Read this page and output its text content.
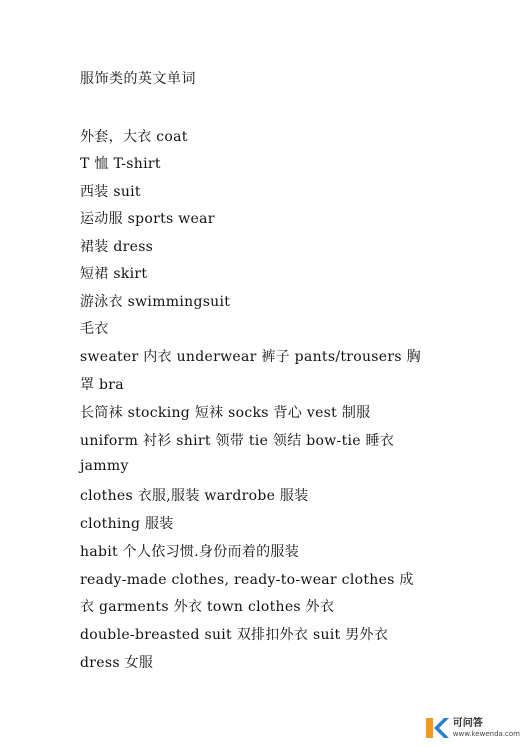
服饰类的英文单词
外套，大衣 coat
T 恤 T-shirt
西装 suit
运动服 sports wear
裙装 dress
短裙 skirt
游泳衣 swimmingsuit
毛衣
sweater 内衣 underwear 裤子 pants/trousers 胸
罩 bra
长筒袜 stocking 短袜 socks 背心 vest 制服
uniform 衬衫 shirt 领带 tie 领结 bow-tie 睡衣
jammy
clothes 衣服,服装 wardrobe 服装
clothing 服装
habit 个人依习惯.身份而着的服装
ready-made clothes, ready-to-wear clothes 成
衣 garments 外衣 town clothes 外衣
double-breasted suit 双排扣外衣 suit 男外衣
dress 女服
可问答
www.kewenda.com
